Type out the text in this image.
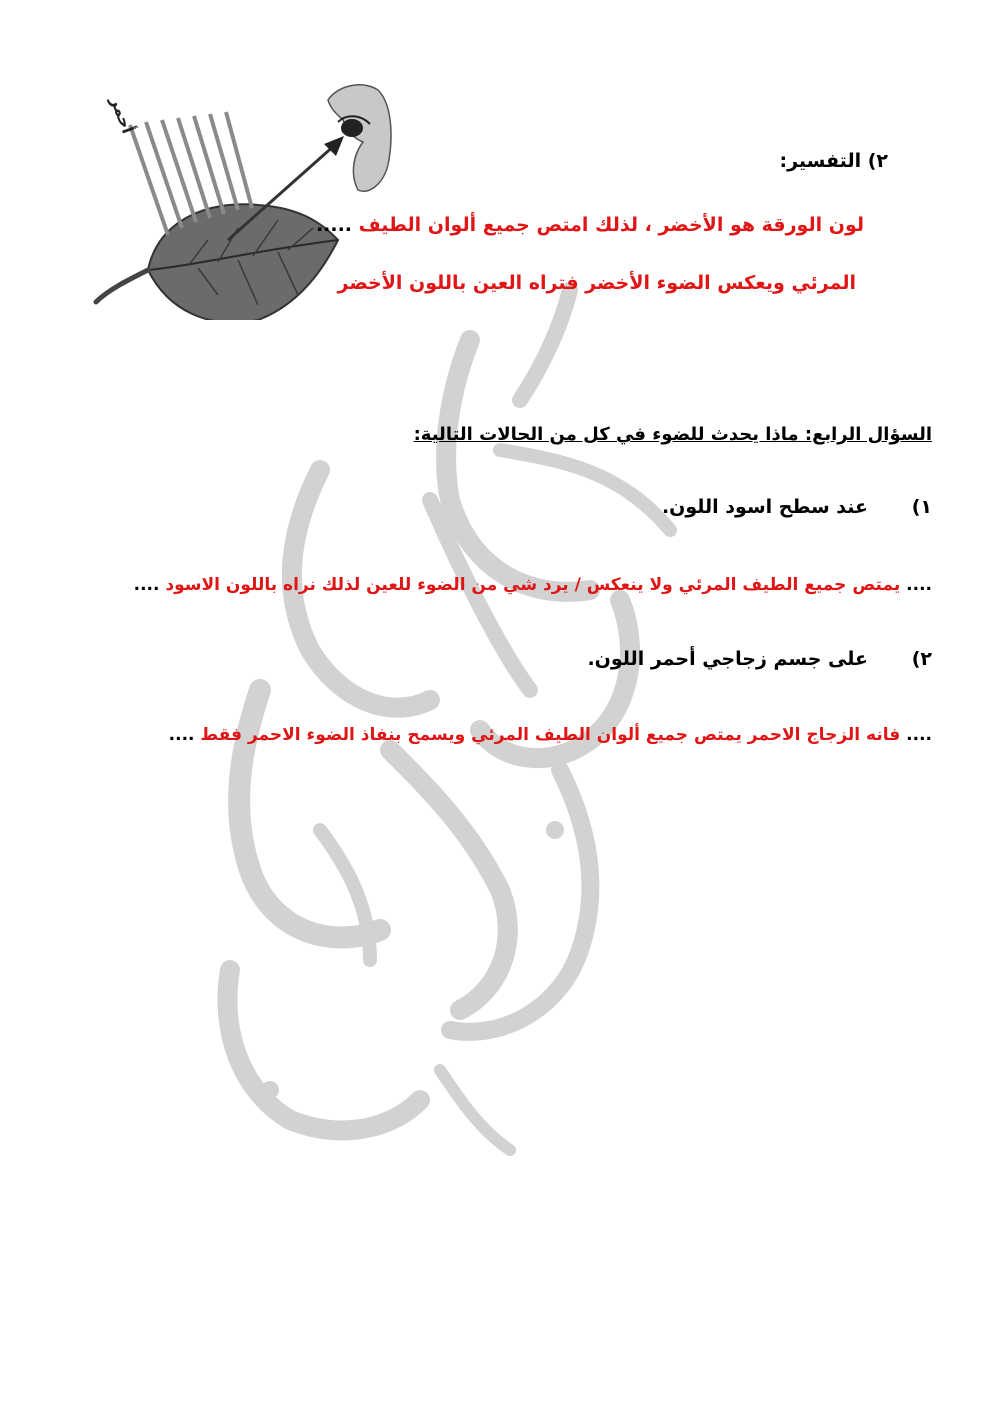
أحمر
٢) التفسير:
لون الورقة هو الأخضر ، لذلك امتص جميع ألوان الطيف .....
المرئي ويعكس الضوء الأخضر فتراه العين باللون الأخضر
السؤال الرابع: ماذا يحدث للضوء في كل من الحالات التالية:
١)عند سطح اسود اللون.
.... يمتص جميع الطيف المرئي ولا ينعكس / يرد شي من الضوء للعين لذلك نراه باللون الاسود ....
٢)على جسم زجاجي أحمر اللون.
.... فانه الزجاج الاحمر يمتص جميع ألوان الطيف المرئي ويسمح بنفاذ الضوء الاحمر فقط ....
